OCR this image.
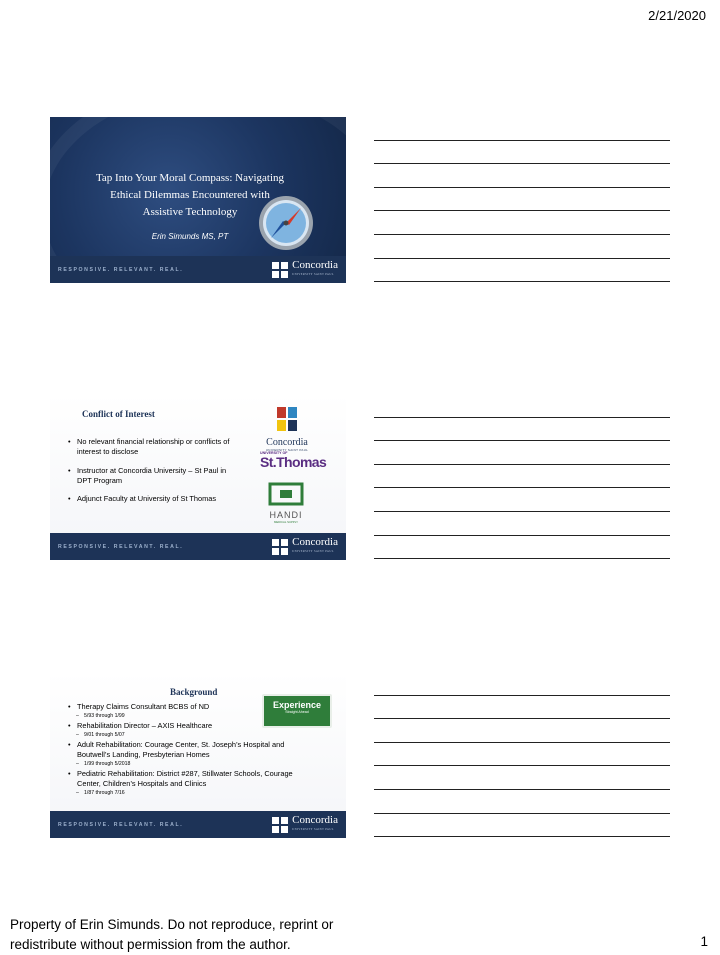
2/21/2020
Tap Into Your Moral Compass: Navigating
Ethical Dilemmas Encountered with
Assistive Technology
Erin Simunds MS, PT
RESPONSIVE. RELEVANT. REAL.	Concordia
UNIVERSITY SAINT PAUL
Conflict of Interest
• No relevant financial relationship or conflicts of interest to disclose
• Instructor at Concordia University – St Paul in DPT Program
• Adjunct Faculty at University of St Thomas
Concordia
UNIVERSITY SAINT PAUL
UNIVERSITY OF
St.Thomas
HANDI
MEDICAL SUPPLY
RESPONSIVE. RELEVANT. REAL.	Concordia
UNIVERSITY SAINT PAUL
Background
Experience
Straight Ahead
• Therapy Claims Consultant BCBS of ND
– 5/93 through 1/99
• Rehabilitation Director – AXIS Healthcare
– 9/01 through 5/07
• Adult Rehabilitation: Courage Center, St. Joseph’s Hospital and Boutwell’s Landing, Presbyterian Homes
– 1/99 through 5/2018
• Pediatric Rehabilitation: District #287, Stillwater Schools, Courage Center, Children’s Hospitals and Clinics
– 1/87 through 7/16
RESPONSIVE. RELEVANT. REAL.	Concordia
UNIVERSITY SAINT PAUL
Property of Erin Simunds. Do not reproduce, reprint or
redistribute without permission from the author.	1
